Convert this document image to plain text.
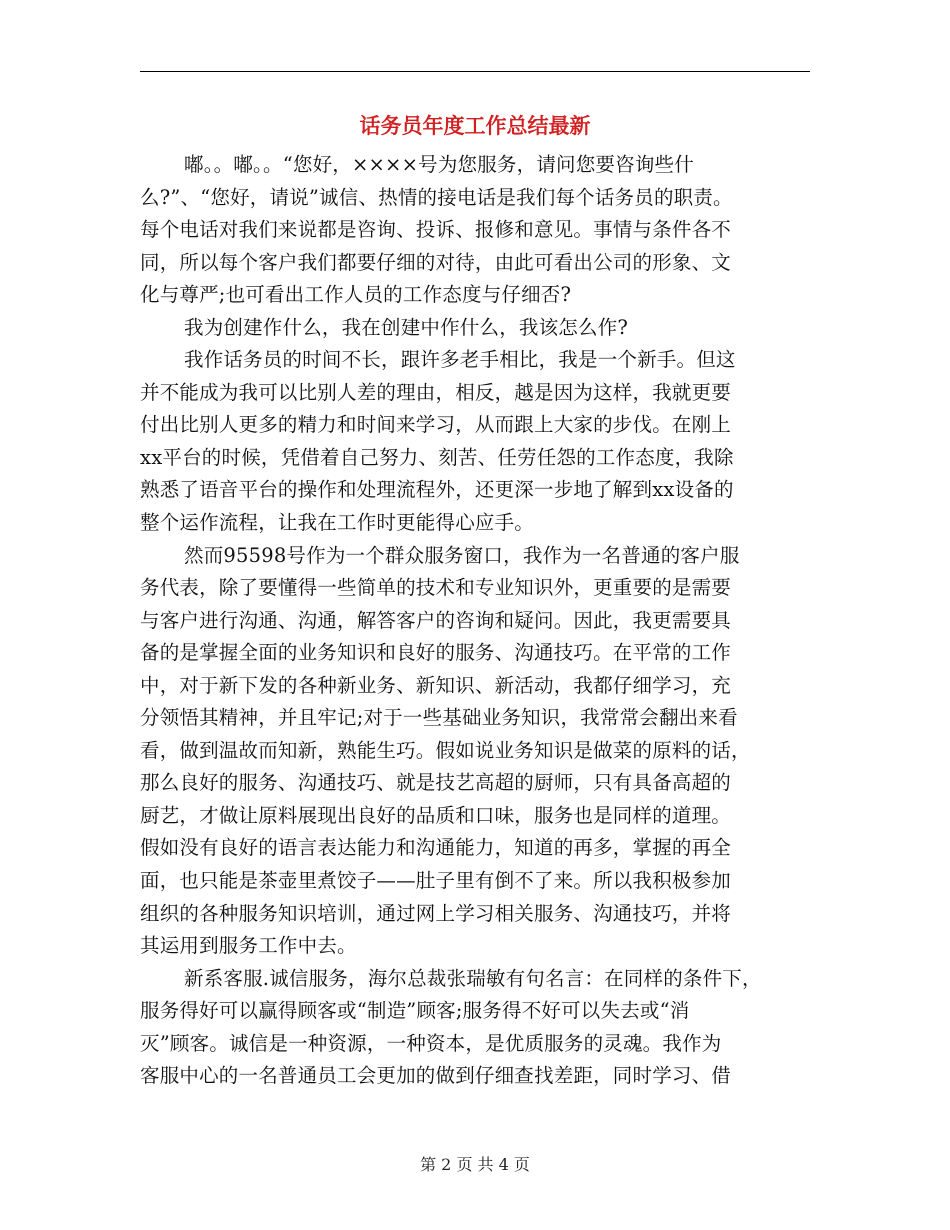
话务员年度工作总结最新
嘟。。嘟。。“您好，××××号为您服务，请问您要咨询些什
么?”、“您好，请说”诚信、热情的接电话是我们每个话务员的职责。
每个电话对我们来说都是咨询、投诉、报修和意见。事情与条件各不
同，所以每个客户我们都要仔细的对待，由此可看出公司的形象、文
化与尊严;也可看出工作人员的工作态度与仔细否?
我为创建作什么，我在创建中作什么，我该怎么作?
我作话务员的时间不长，跟许多老手相比，我是一个新手。但这
并不能成为我可以比别人差的理由，相反，越是因为这样，我就更要
付出比别人更多的精力和时间来学习，从而跟上大家的步伐。在刚上
xx平台的时候，凭借着自己努力、刻苦、任劳任怨的工作态度，我除
熟悉了语音平台的操作和处理流程外，还更深一步地了解到xx设备的
整个运作流程，让我在工作时更能得心应手。
然而95598号作为一个群众服务窗口，我作为一名普通的客户服
务代表，除了要懂得一些简单的技术和专业知识外，更重要的是需要
与客户进行沟通、沟通，解答客户的咨询和疑问。因此，我更需要具
备的是掌握全面的业务知识和良好的服务、沟通技巧。在平常的工作
中，对于新下发的各种新业务、新知识、新活动，我都仔细学习，充
分领悟其精神，并且牢记;对于一些基础业务知识，我常常会翻出来看
看，做到温故而知新，熟能生巧。假如说业务知识是做菜的原料的话，
那么良好的服务、沟通技巧、就是技艺高超的厨师，只有具备高超的
厨艺，才做让原料展现出良好的品质和口味，服务也是同样的道理。
假如没有良好的语言表达能力和沟通能力，知道的再多，掌握的再全
面，也只能是茶壶里煮饺子——肚子里有倒不了来。所以我积极参加
组织的各种服务知识培训，通过网上学习相关服务、沟通技巧，并将
其运用到服务工作中去。
新系客服.诚信服务，海尔总裁张瑞敏有句名言：在同样的条件下，
服务得好可以赢得顾客或“制造”顾客;服务得不好可以失去或“消
灭”顾客。诚信是一种资源，一种资本，是优质服务的灵魂。我作为
客服中心的一名普通员工会更加的做到仔细查找差距，同时学习、借
第 2 页 共 4 页
